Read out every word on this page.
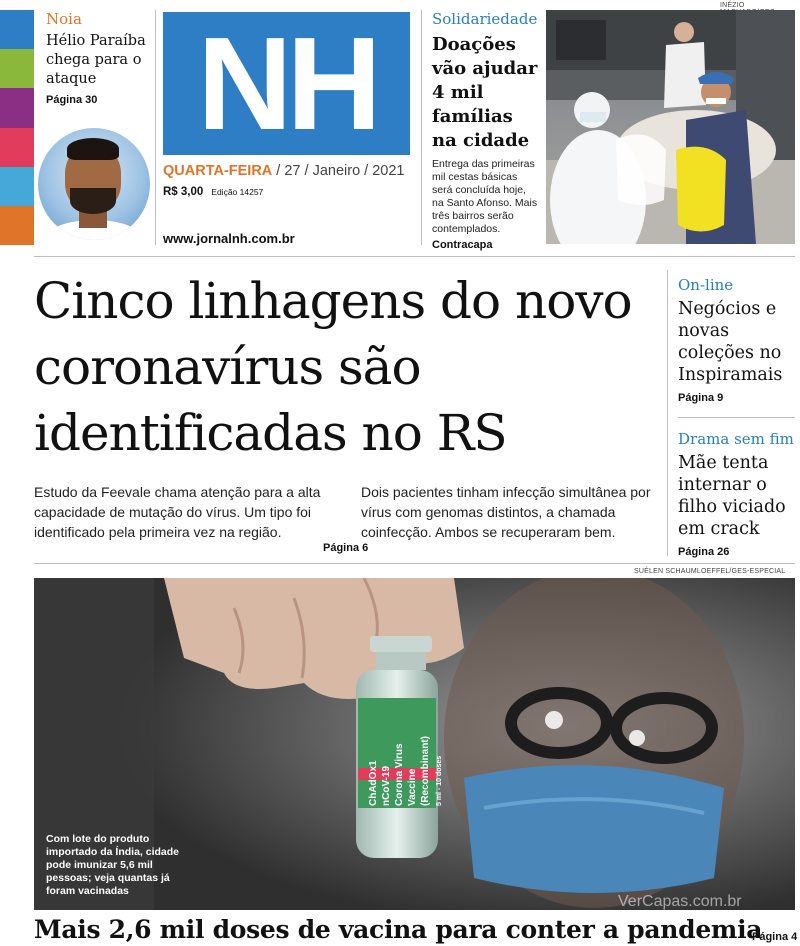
Noia
Hélio Paraíba chega para o ataque
Página 30 NH
QUARTA-FEIRA / 27 / Janeiro / 2021
R$ 3,00 Edição 14257
www.jornalnh.com.br
Solidariedade
Doações vão ajudar 4 mil famílias na cidade
Entrega das primeiras mil cestas básicas será concluída hoje, na Santo Afonso. Mais três bairros serão contemplados.
Contracapa
INÉZIO
Cinco linhagens do novo coronavírus são identificadas no RS
Estudo da Feevale chama atenção para a alta capacidade de mutação do vírus. Um tipo foi identificado pela primeira vez na região.
Dois pacientes tinham infecção simultânea por vírus com genomas distintos, a chamada coinfecção. Ambos se recuperaram bem.
Página 6
On-line
Negócios e novas coleções no Inspiramais
Página 9
Drama sem fim
Mãe tenta internar o filho viciado em crack
Página 26
SUÉLEN SCHAUMLOEFFEL/GES-ESPECIAL
ChAdOx1 nCoV-19 Corona Virus Vaccine (Recombinant) 5 ml - 10 doses
Com lote do produto importado da Índia, cidade pode imunizar 5,6 mil pessoas; veja quantas já foram vacinadas
VerCapas.com.br
Mais 2,6 mil doses de vacina para conter a pandemia
Página 4
